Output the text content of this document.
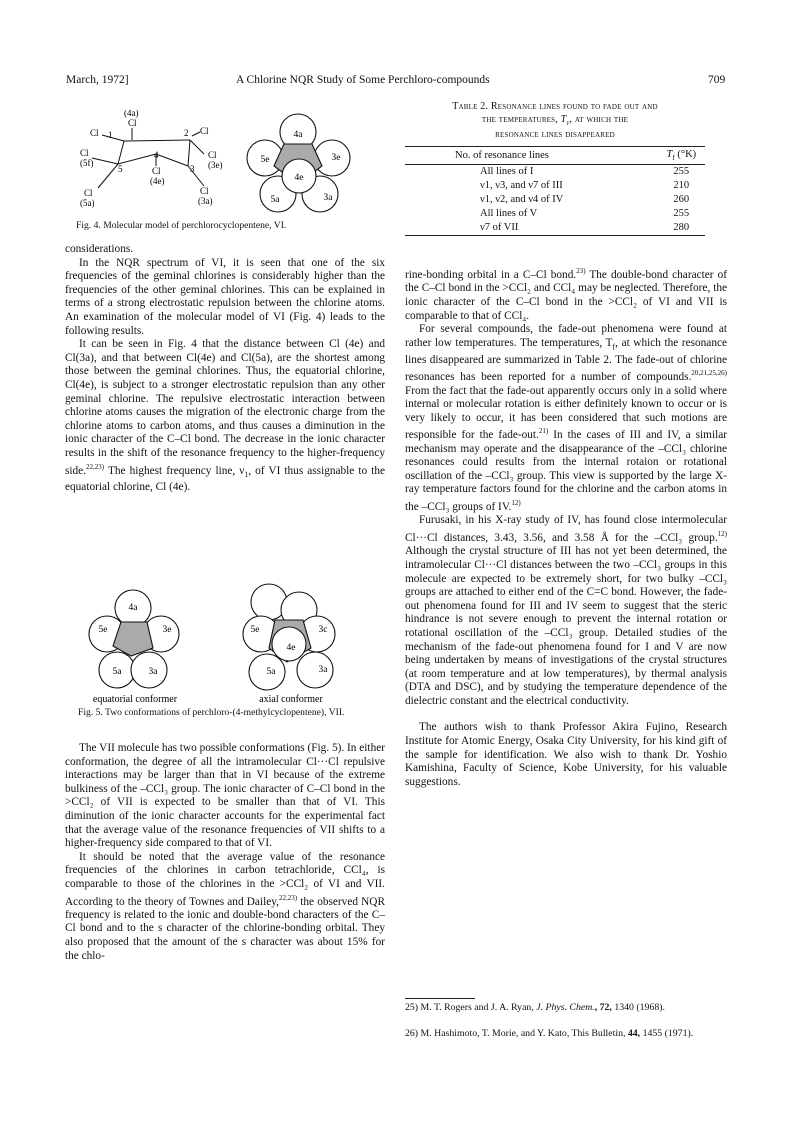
March, 1972]	A Chlorine NQR Study of Some Perchloro-compounds	709
(4a)
Cl
Cl 1	2 Cl
Cl
(5f)
5
4
Cl
(4e)
3
Cl
(3e)
Cl
(5a)
Cl
(3a)
4a
5e	3e
4e
5a	3a
Fig. 4. Molecular model of perchlorocyclopentene, VI.

considerations.

In the NQR spectrum of VI, it is seen that one of the six frequencies of the geminal chlorines is considerably higher than the frequencies of the other geminal chlorines. This can be explained in terms of a strong electrostatic repulsion between the chlorine atoms. An examination of the molecular model of VI (Fig. 4) leads to the following results.

It can be seen in Fig. 4 that the distance between Cl (4e) and Cl(3a), and that between Cl(4e) and Cl(5a), are the shortest among those between the geminal chlorines. Thus, the equatorial chlorine, Cl(4e), is subject to a stronger electrostatic repulsion than any other geminal chlorine. The repulsive electrostatic interaction between chlorine atoms causes the migration of the electronic charge from the chlorine atoms to carbon atoms, and thus causes a diminution in the ionic character of the C–Cl bond. The decrease in the ionic character results in the shift of the resonance frequency to the higher-frequency side.$^{22,23)}$ The highest frequency line, $\nu_1$, of VI thus assignable to the equatorial chlorine, Cl (4e).

4a
5e	3e
5a	3a
5e	3c
4e
5a	3a
equatorial conformer	axial conformer
Fig. 5. Two conformations of perchloro-(4-methylcyclopentene), VII.

The VII molecule has two possible conformations (Fig. 5). In either conformation, the degree of all the intramolecular Cl···Cl repulsive interactions may be larger than that in VI because of the extreme bulkiness of the –CCl₃ group. The ionic character of C–Cl bond in the >CCl₂ of VII is expected to be smaller than that of VI. This diminution of the ionic character accounts for the experimental fact that the average value of the resonance frequencies of VII shifts to a higher-frequency side compared to that of VI.

It should be noted that the average value of the resonance frequencies of the chlorines in carbon tetrachloride, CCl₄, is comparable to those of the chlorines in the >CCl₂ of VI and VII. According to the theory of Townes and Dailey,$^{22,23)}$ the observed NQR frequency is related to the ionic and double-bond characters of the C–Cl bond and to the s character of the chlorine-bonding orbital. They also proposed that the amount of the s character was about 15% for the chlo-

Table 2. Resonance lines found to fade out and
the temperatures, $T_f$, at which the
resonance lines disappeared
No. of resonance lines	$T_f$ (°K)
All lines of I	255
ν1, ν3, and ν7 of III	210
ν1, ν2, and ν4 of IV	260
All lines of V	255
ν7 of VII	280

rine-bonding orbital in a C–Cl bond.$^{23)}$ The double-bond character of the C–Cl bond in the >CCl₂ and CCl₄ may be neglected. Therefore, the ionic character of the C–Cl bond in the >CCl₂ of VI and VII is comparable to that of CCl₄.

For several compounds, the fade-out phenomena were found at rather low temperatures. The temperatures, $T_f$, at which the resonance lines disappeared are summarized in Table 2. The fade-out of chlorine resonances has been reported for a number of compounds.$^{20,21,25,26)}$ From the fact that the fade-out apparently occurs only in a solid where internal or molecular rotation is either definitely known to occur or is very likely to occur, it has been considered that such motions are responsible for the fade-out.$^{21)}$ In the cases of III and IV, a similar mechanism may operate and the disappearance of the –CCl₃ chlorine resonances could results from the internal rotaion or rotational oscillation of the –CCl₃ group. This view is supported by the large X-ray temperature factors found for the chlorine and the carbon atoms in the –CCl₃ groups of IV.$^{12)}$

Furusaki, in his X-ray study of IV, has found close intermolecular Cl···Cl distances, 3.43, 3.56, and 3.58 Å for the –CCl₃ group.$^{12)}$ Although the crystal structure of III has not yet been determined, the intramolecular Cl···Cl distances between the two –CCl₃ groups in this molecule are expected to be extremely short, for two bulky –CCl₃ groups are attached to either end of the C=C bond. However, the fade-out phenomena found for III and IV seem to suggest that the steric hindrance is not severe enough to prevent the internal rotation or rotational oscillation of the –CCl₃ group. Detailed studies of the mechanism of the fade-out phenomena found for I and V are now being undertaken by means of investigations of the crystal structures (at room temperature and at low temperatures), by thermal analysis (DTA and DSC), and by studying the temperature dependence of the dielectric constant and the electrical conductivity.

The authors wish to thank Professor Akira Fujino, Research Institute for Atomic Energy, Osaka City University, for his kind gift of the sample for identification. We also wish to thank Dr. Yoshio Kamishina, Faculty of Science, Kobe University, for his valuable suggestions.

25) M. T. Rogers and J. A. Ryan, J. Phys. Chem., 72, 1340 (1968).
26) M. Hashimoto, T. Morie, and Y. Kato, This Bulletin, 44, 1455 (1971).
